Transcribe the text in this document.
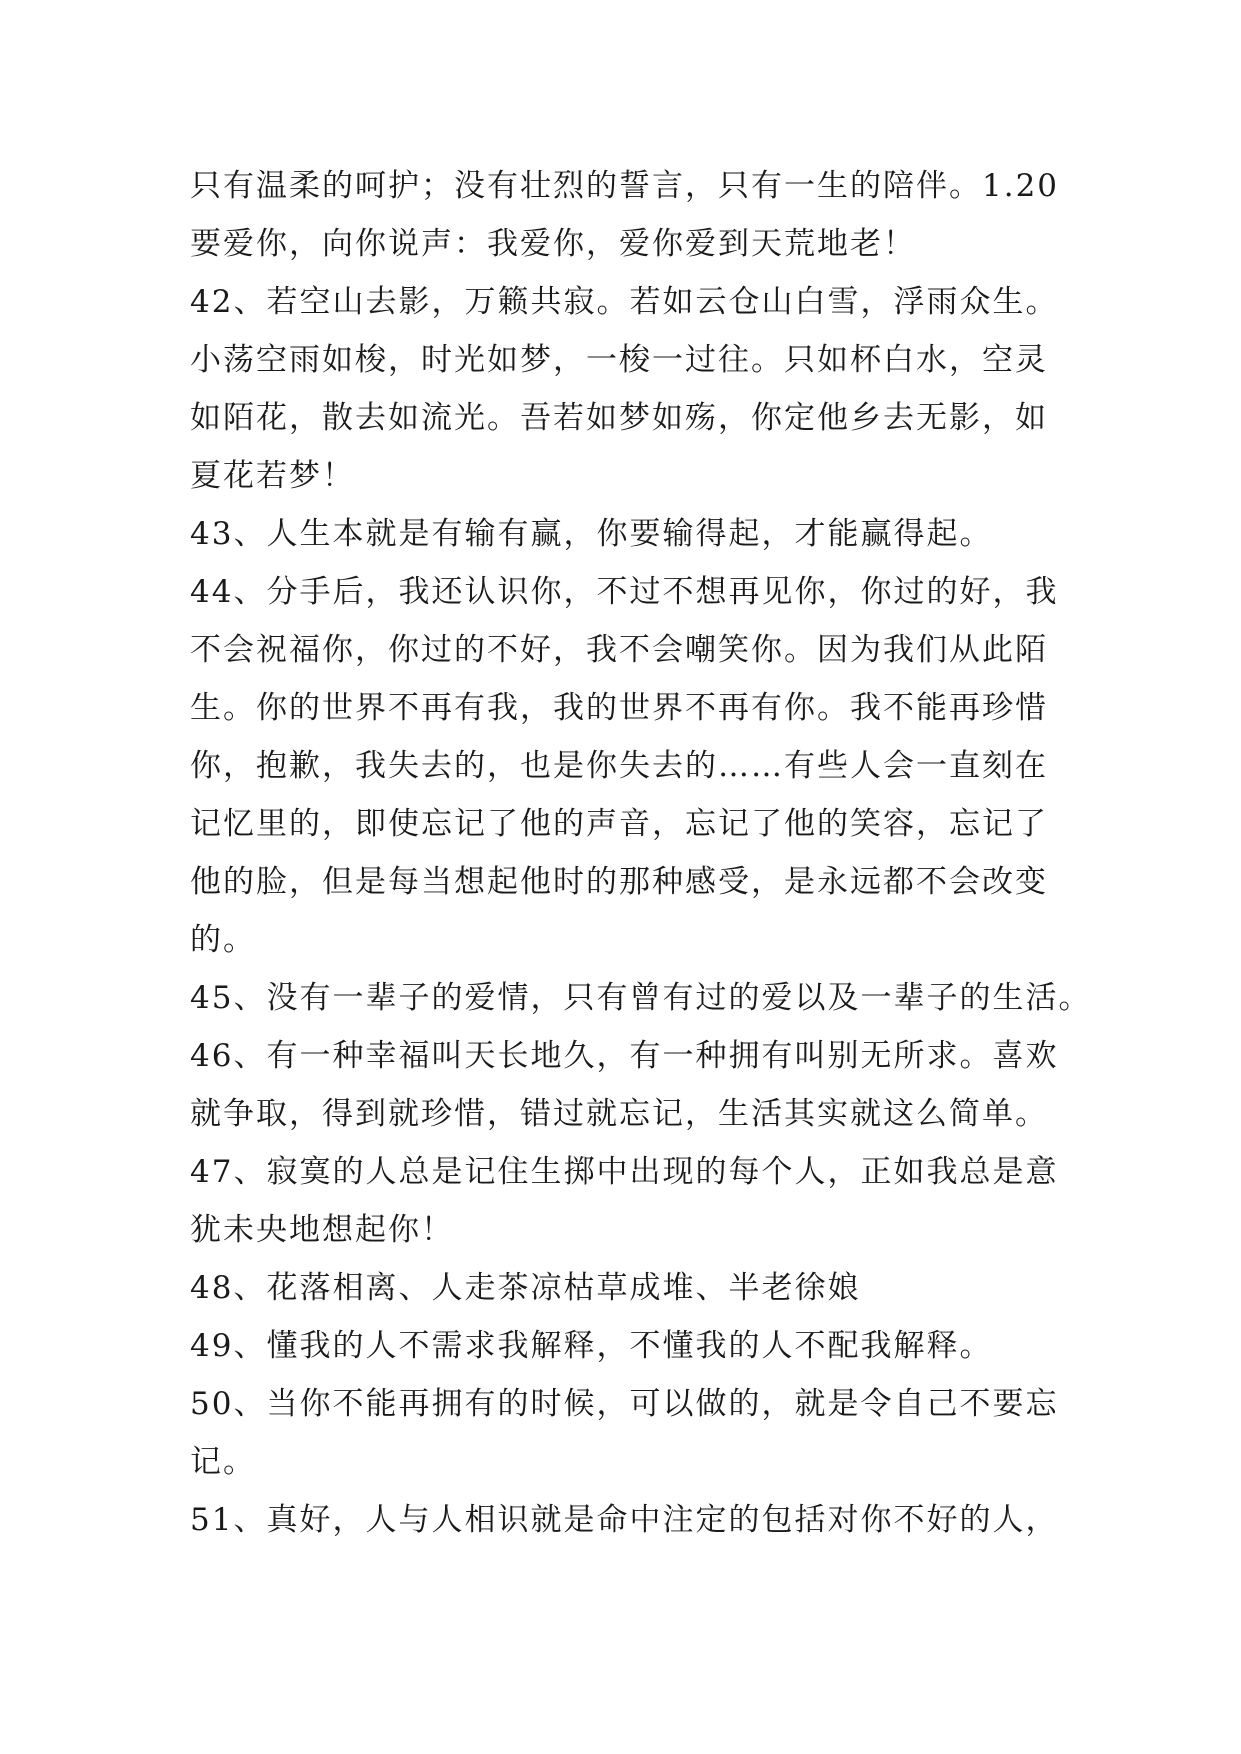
只有温柔的呵护；没有壮烈的誓言，只有一生的陪伴。1.20
要爱你，向你说声：我爱你，爱你爱到天荒地老！
42、若空山去影，万籁共寂。若如云仓山白雪，浮雨众生。
小荡空雨如梭，时光如梦，一梭一过往。只如杯白水，空灵
如陌花，散去如流光。吾若如梦如殇，你定他乡去无影，如
夏花若梦！
43、人生本就是有输有赢，你要输得起，才能赢得起。
44、分手后，我还认识你，不过不想再见你，你过的好，我
不会祝福你，你过的不好，我不会嘲笑你。因为我们从此陌
生。你的世界不再有我，我的世界不再有你。我不能再珍惜
你，抱歉，我失去的，也是你失去的……有些人会一直刻在
记忆里的，即使忘记了他的声音，忘记了他的笑容，忘记了
他的脸，但是每当想起他时的那种感受，是永远都不会改变
的。
45、没有一辈子的爱情，只有曾有过的爱以及一辈子的生活。
46、有一种幸福叫天长地久，有一种拥有叫别无所求。喜欢
就争取，得到就珍惜，错过就忘记，生活其实就这么简单。
47、寂寞的人总是记住生掷中出现的每个人，正如我总是意
犹未央地想起你！
48、花落相离、人走茶凉枯草成堆、半老徐娘
49、懂我的人不需求我解释，不懂我的人不配我解释。
50、当你不能再拥有的时候，可以做的，就是令自己不要忘
记。
51、真好，人与人相识就是命中注定的包括对你不好的人，
